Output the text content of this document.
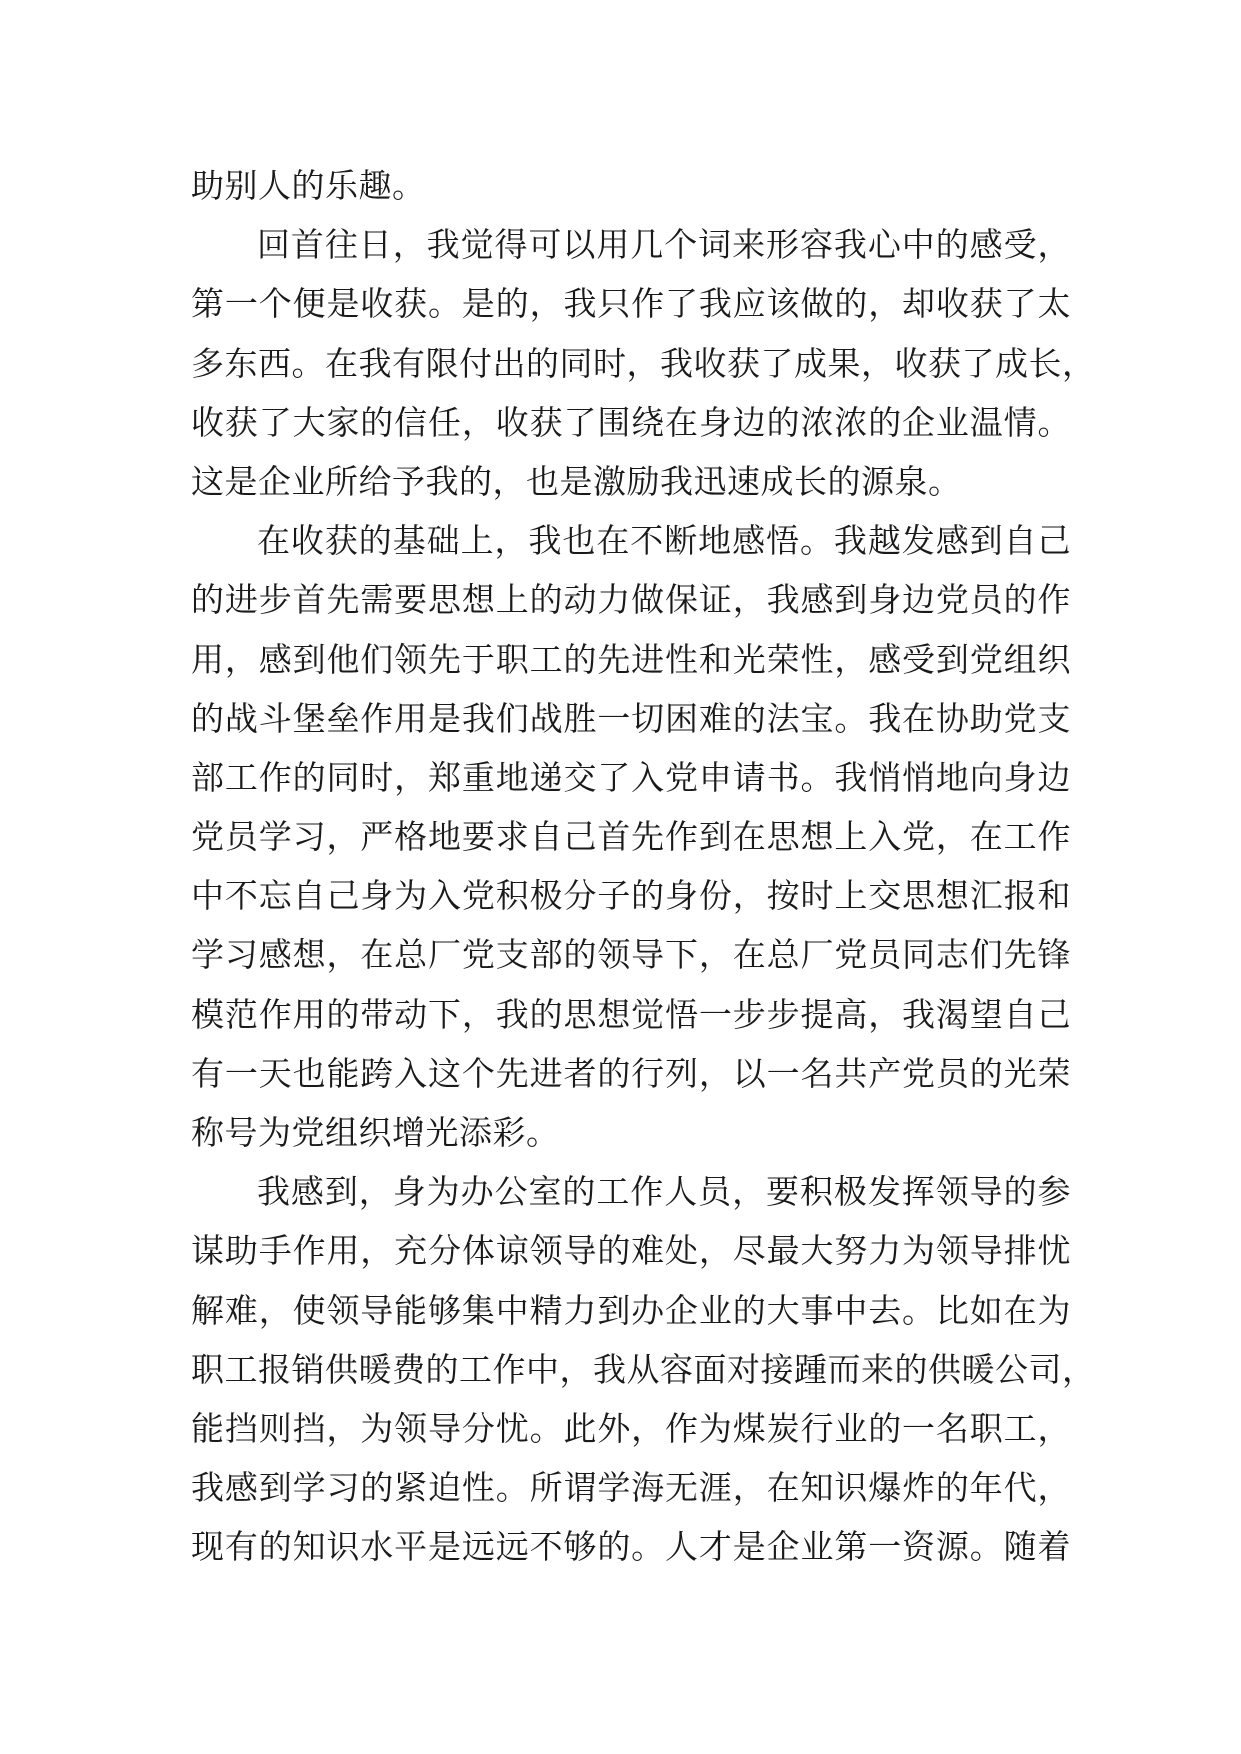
助别人的乐趣。
回首往日，我觉得可以用几个词来形容我心中的感受，
第一个便是收获。是的，我只作了我应该做的，却收获了太
多东西。在我有限付出的同时，我收获了成果，收获了成长，
收获了大家的信任，收获了围绕在身边的浓浓的企业温情。
这是企业所给予我的，也是激励我迅速成长的源泉。
在收获的基础上，我也在不断地感悟。我越发感到自己
的进步首先需要思想上的动力做保证，我感到身边党员的作
用，感到他们领先于职工的先进性和光荣性，感受到党组织
的战斗堡垒作用是我们战胜一切困难的法宝。我在协助党支
部工作的同时，郑重地递交了入党申请书。我悄悄地向身边
党员学习，严格地要求自己首先作到在思想上入党，在工作
中不忘自己身为入党积极分子的身份，按时上交思想汇报和
学习感想，在总厂党支部的领导下，在总厂党员同志们先锋
模范作用的带动下，我的思想觉悟一步步提高，我渴望自己
有一天也能跨入这个先进者的行列，以一名共产党员的光荣
称号为党组织增光添彩。
我感到，身为办公室的工作人员，要积极发挥领导的参
谋助手作用，充分体谅领导的难处，尽最大努力为领导排忧
解难，使领导能够集中精力到办企业的大事中去。比如在为
职工报销供暖费的工作中，我从容面对接踵而来的供暖公司，
能挡则挡，为领导分忧。此外，作为煤炭行业的一名职工，
我感到学习的紧迫性。所谓学海无涯，在知识爆炸的年代，
现有的知识水平是远远不够的。人才是企业第一资源。随着
